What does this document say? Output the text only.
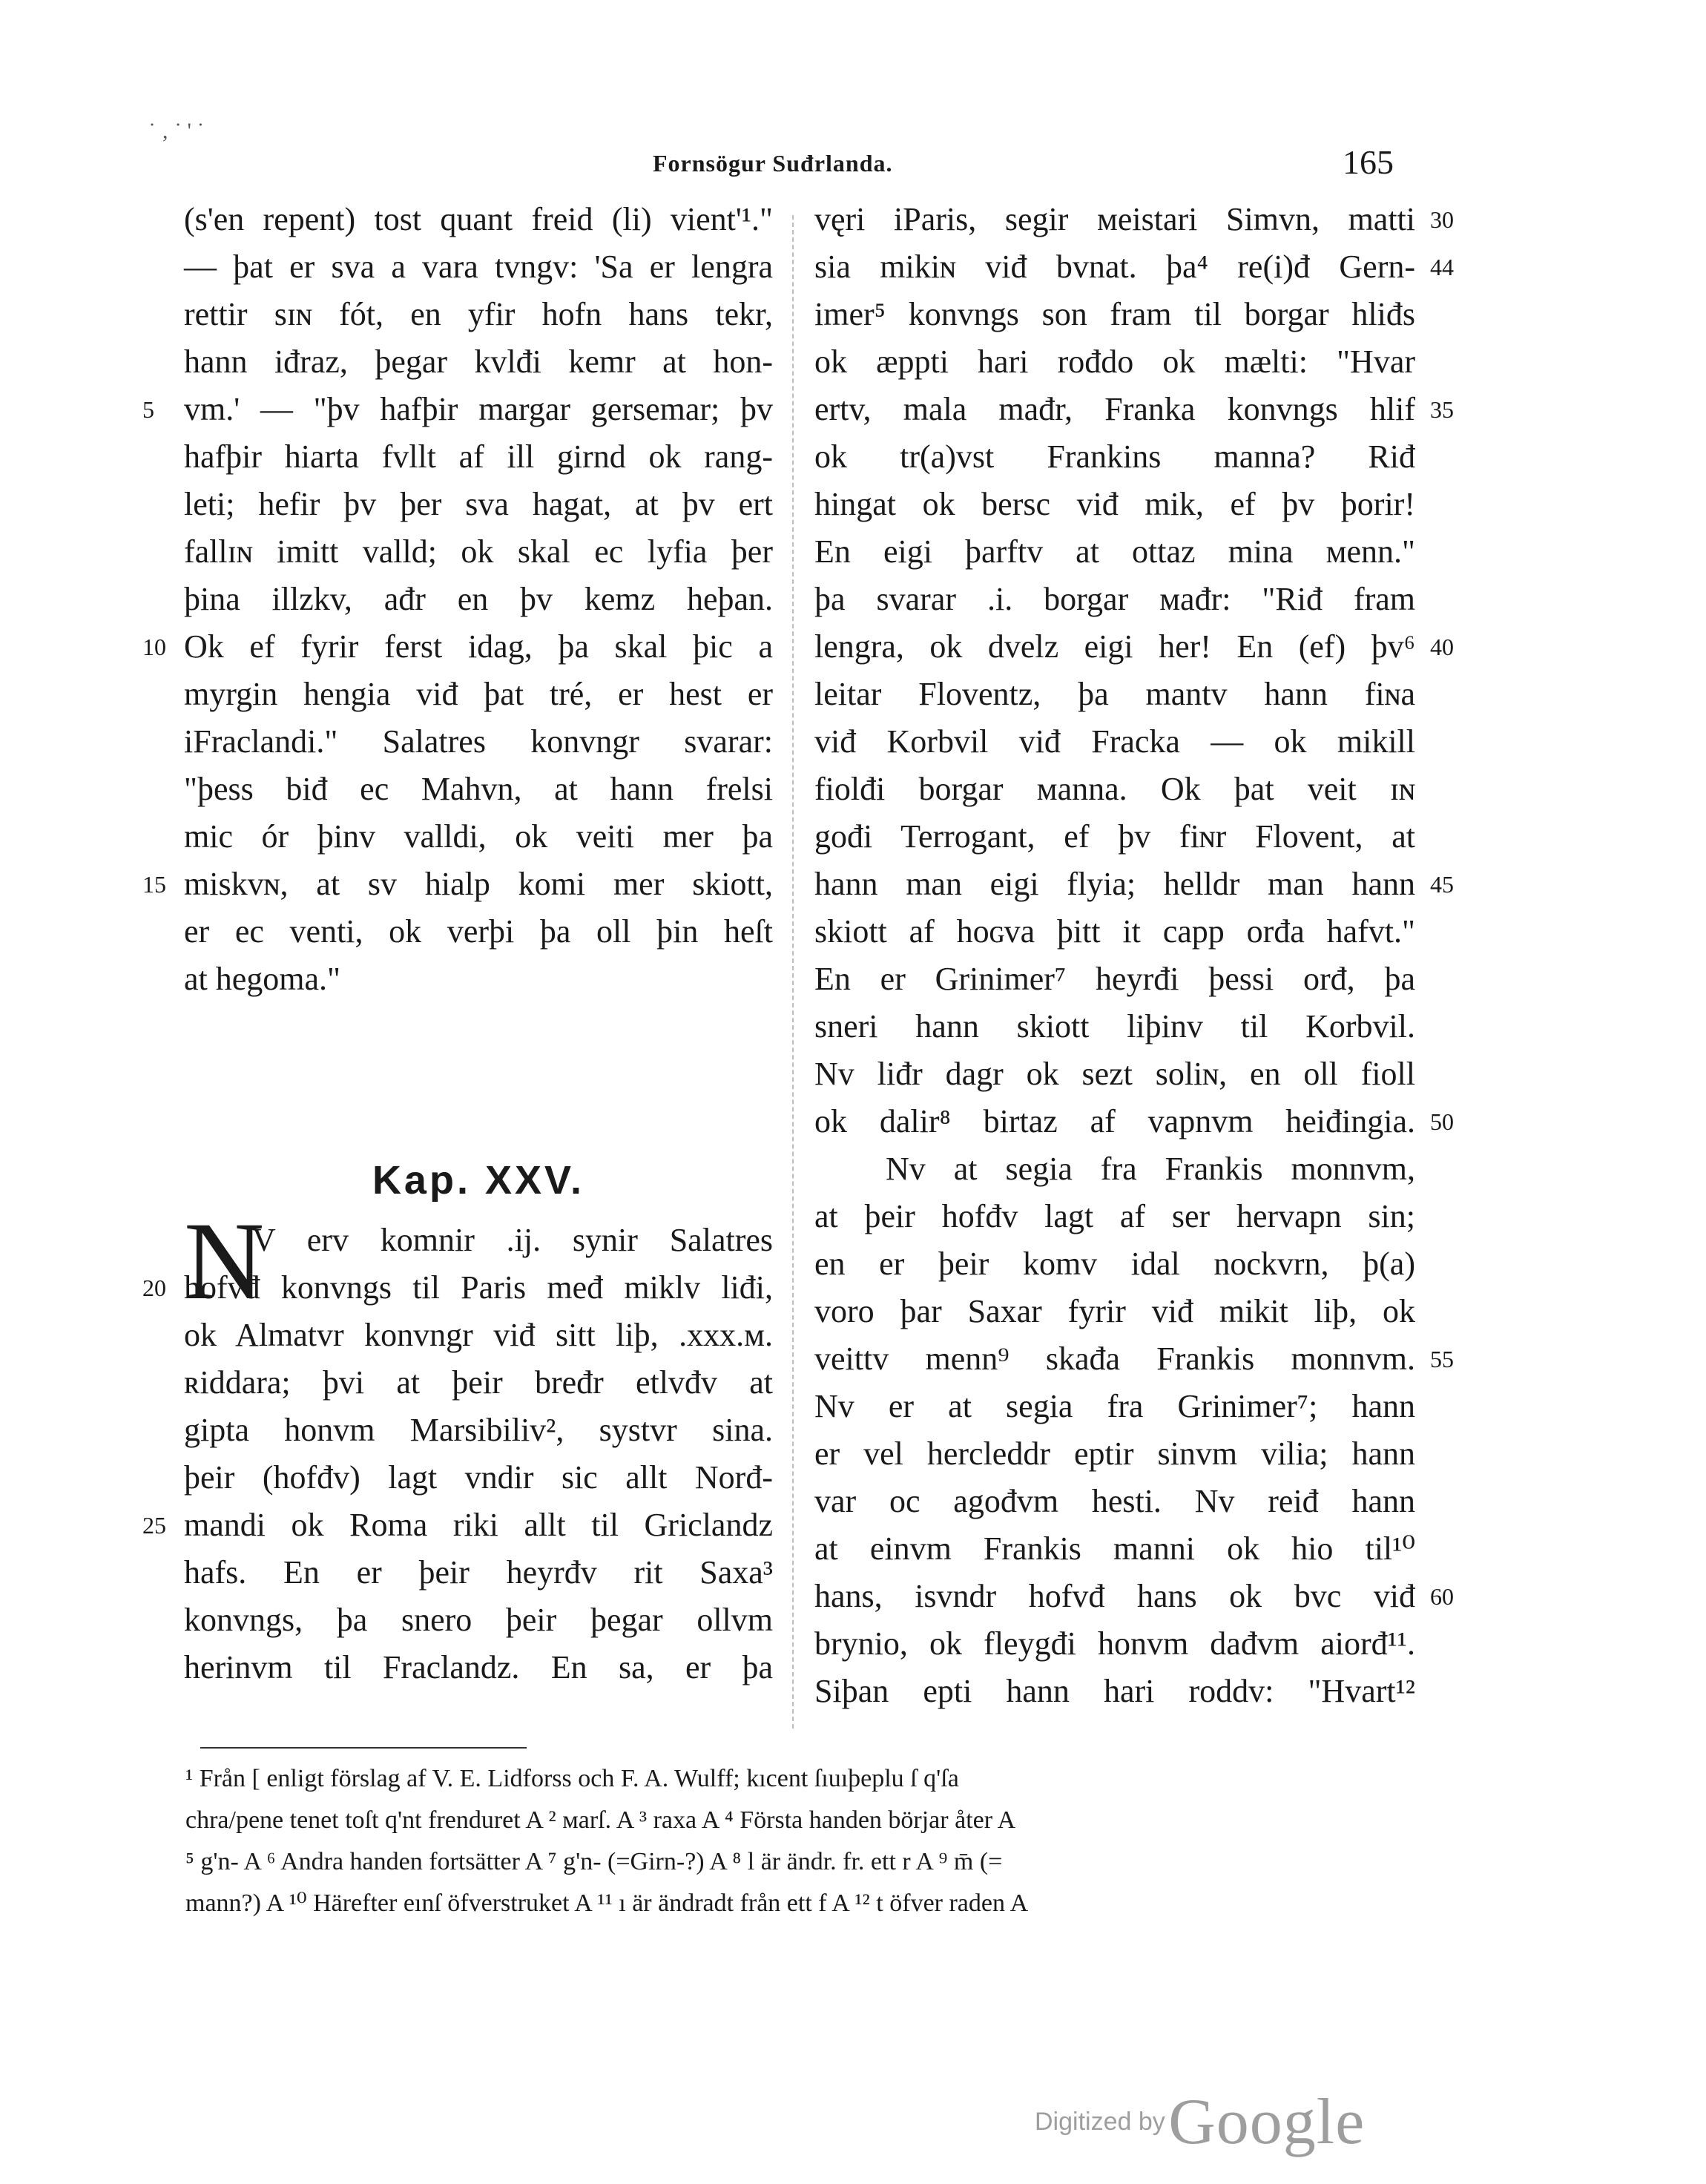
Fornsögur Suđrlanda.	165
˙ ‚ ˙ ' ˙
(s'en repent) tost quant freid (li) vient'¹."
— þat er sva a vara tvngv: 'Sa er lengra
rettir sɪɴ fót, en yfir hofn hans tekr,
hann iđraz, þegar kvlđi kemr at hon-
vm.' — "þv hafþir margar gersemar; þv
5
hafþir hiarta fvllt af ill girnd ok rang-
leti; hefir þv þer sva hagat, at þv ert
fallɪɴ imitt valld; ok skal ec lyfia þer
þina illzkv, ađr en þv kemz heþan.
Ok ef fyrir ferst idag, þa skal þic a
10
myrgin hengia viđ þat tré, er hest er
iFraclandi." Salatres konvngr svarar:
"þess biđ ec Mahvn, at hann frelsi
mic ór þinv valldi, ok veiti mer þa
miskvɴ, at sv hialp komi mer skiott,
15
er ec venti, ok verþi þa oll þin heſt
at hegoma."
Kap. XXV.
N
V erv komnir .ij. synir Salatres
hofvđ konvngs til Paris međ miklv liđi,
20
ok Almatvr konvngr viđ sitt liþ, .xxx.ᴍ.
ʀiddara; þvi at þeir brеđr etlvđv at
gipta honvm Marsibiliv², systvr sina.
þeir (hofđv) lagt vndir sic allt Norđ-
mandi ok Roma riki allt til Griclandz
25
hafs. En er þeir heyrđv rit Saxa³
konvngs, þa snero þeir þegar ollvm
herinvm til Fraclandz. En sa, er þa
vęri iParis, segir ᴍeistari Simvn, matti 30
sia mikiɴ viđ bvnat. þa⁴ re(i)đ Gern- 44
imer⁵ konvngs son fram til borgar hliđs
ok æppti hari rođdo ok mælti: "Hvar
ertv, mala mađr, Franka konvngs hlif 35
ok tr(a)vst Frankins manna? Riđ
hingat ok bersc viđ mik, ef þv þorir!
En eigi þarftv at ottaz mina ᴍenn."
þa svarar .i. borgar ᴍađr: "Riđ fram
lengra, ok dvelz eigi her! En (ef) þv⁶ 40
leitar Floventz, þa mantv hann fiɴa
viđ Korbvil viđ Fracka — ok mikill
fiolđi borgar ᴍanna. Ok þat veit ɪɴ
gođi Terrogant, ef þv fiɴr Flovent, at
hann man eigi flyia; helldr man hann 45
skiott af hoɢva þitt it capp orđa hafvt."
En er Grinimer⁷ heyrđi þessi orđ, þa
sneri hann skiott liþinv til Korbvil.
Nv liđr dagr ok sezt soliɴ, en oll fioll
ok dalir⁸ birtaz af vapnvm heiđingia. 50
Nv at segia fra Frankis monnvm,
at þeir hofđv lagt af ser hervapn sin;
en er þeir komv idal nockvrn, þ(a)
voro þar Saxar fyrir viđ mikit liþ, ok
veittv menn⁹ skađa Frankis monnvm. 55
Nv er at segia fra Grinimer⁷; hann
er vel hercleddr eptir sinvm vilia; hann
var oc agođvm hesti. Nv reiđ hann
at einvm Frankis manni ok hio til¹⁰
hans, isvndr hofvđ hans ok bvc viđ 60
brynio, ok fleygđi honvm dađvm aiorđ¹¹.
Siþan epti hann hari roddv: "Hvart¹²
¹ Från [ enligt förslag af V. E. Lidforss och F. A. Wulff; kıcent ſıuıþeplu ſ q'ſa
chra/pene tenet toſt q'nt frenduret A ² ᴍarſ. A ³ raxa A ⁴ Första handen börjar åter A
⁵ g'n- A ⁶ Andra handen fortsätter A ⁷ g'n- (=Girn-?) A ⁸ l är ändr. fr. ett r A ⁹ m̄ (=
mann?) A ¹⁰ Härefter eınſ öfverstruket A ¹¹ ı är ändradt från ett f A ¹² t öfver raden A
Digitized by Google
